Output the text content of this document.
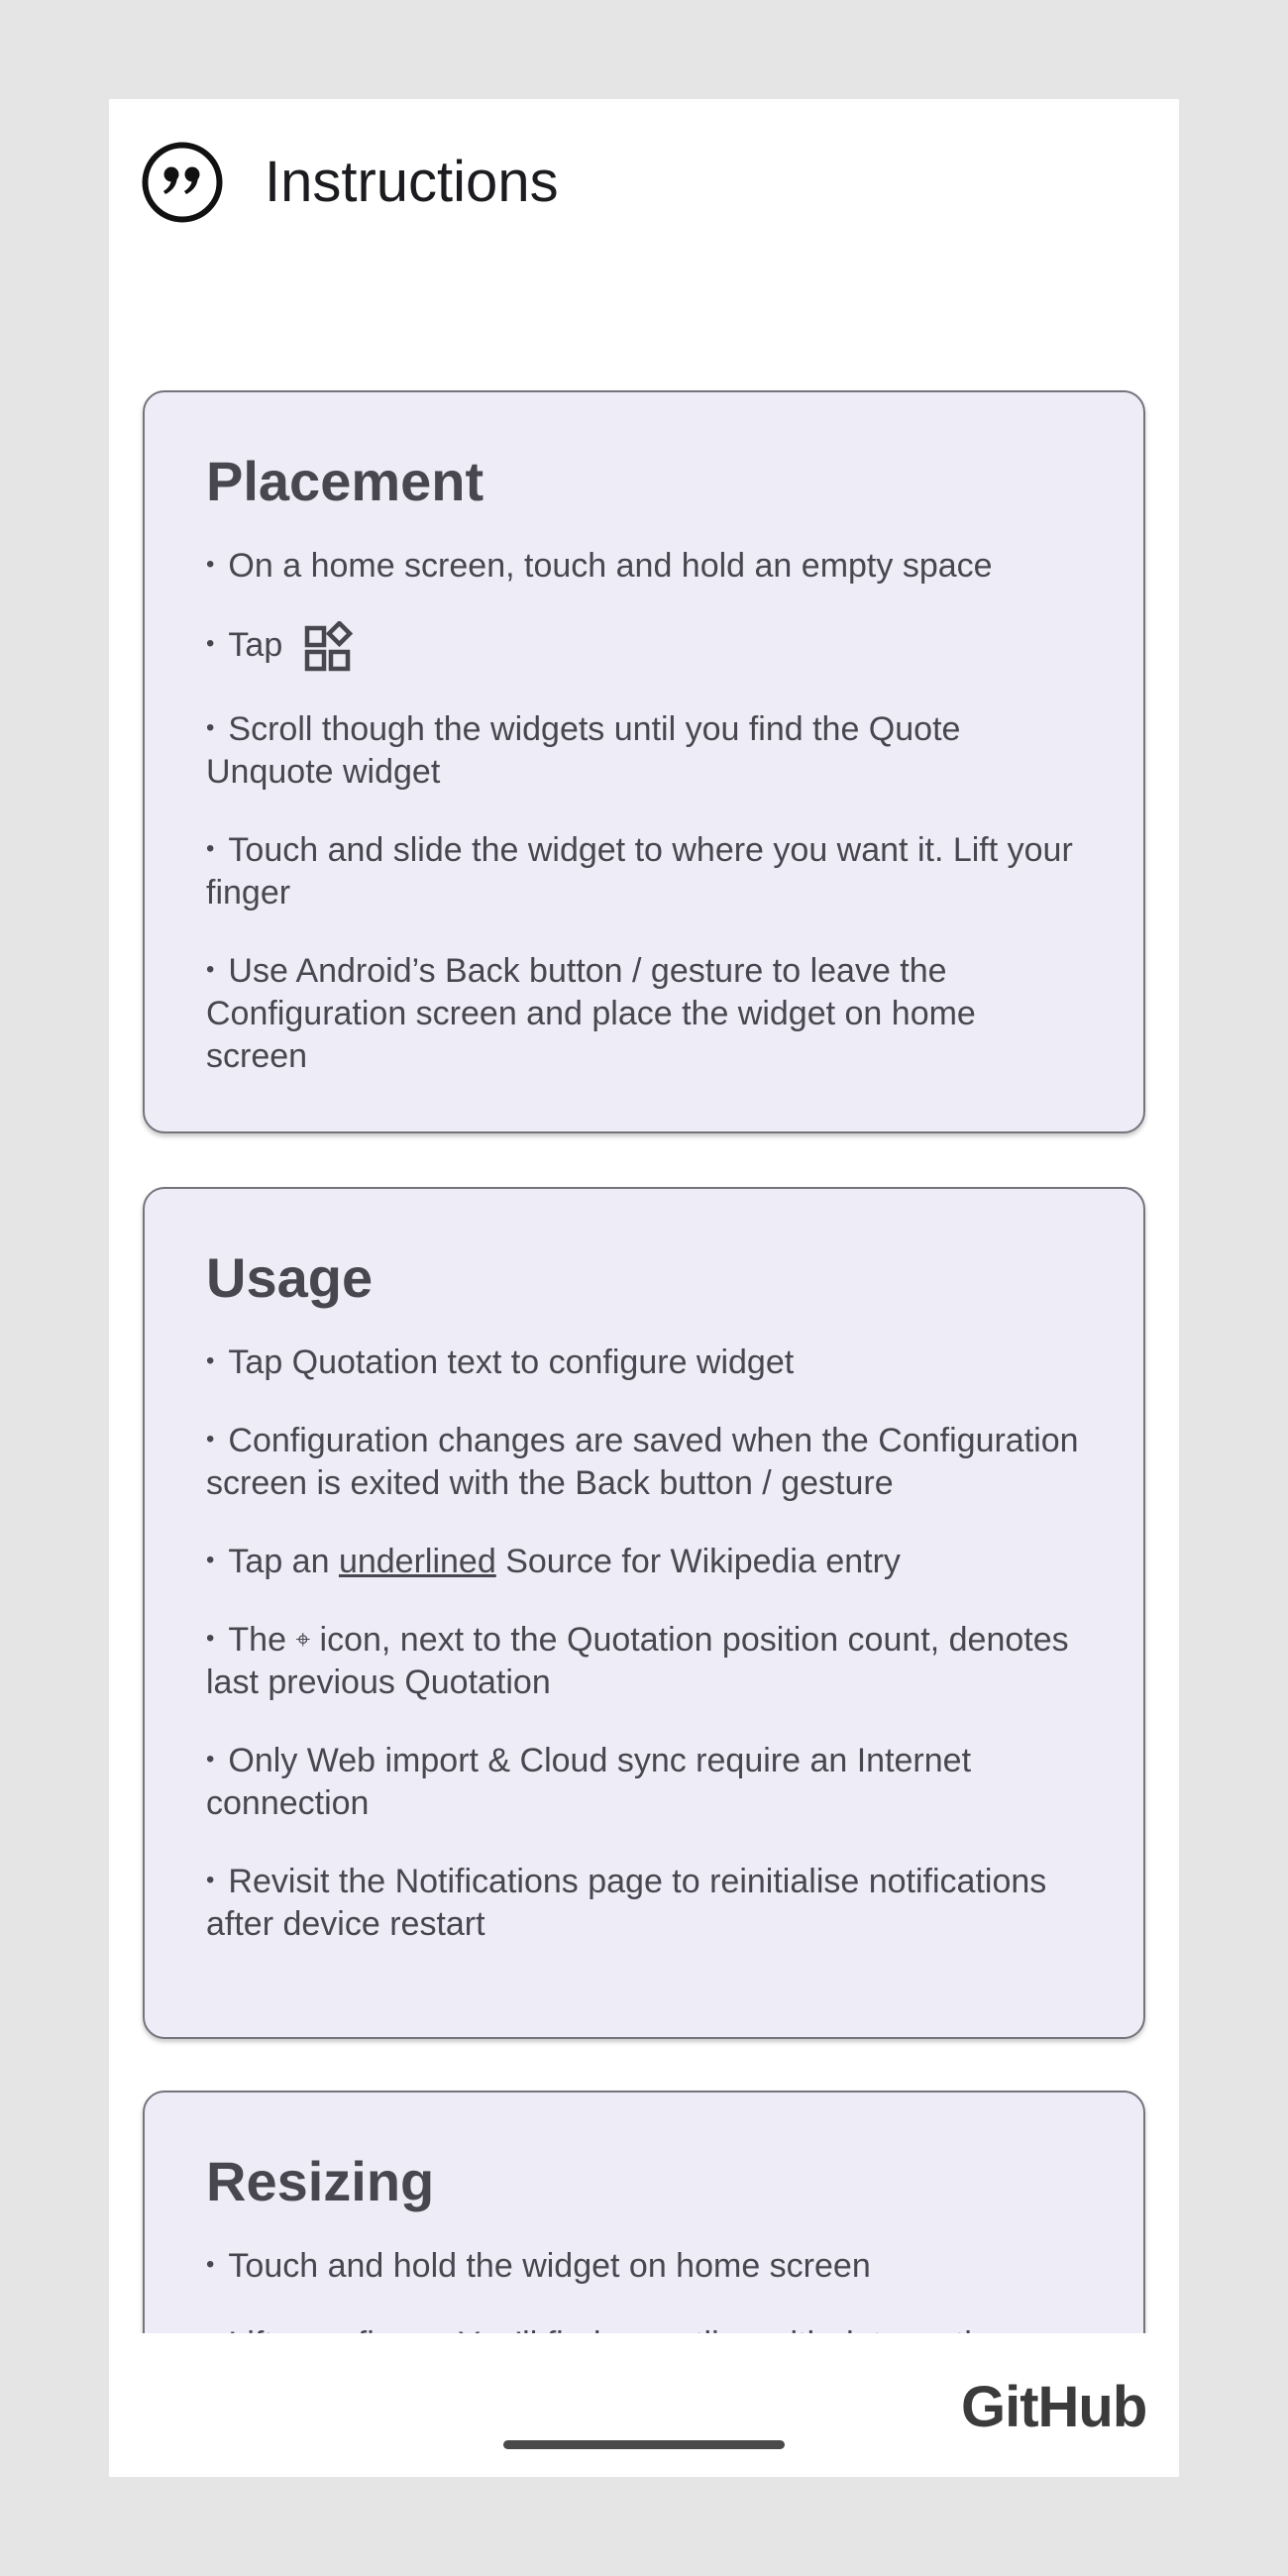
Instructions
Placement
• On a home screen, touch and hold an empty space
• Tap
• Scroll though the widgets until you find the Quote Unquote widget
• Touch and slide the widget to where you want it. Lift your finger
• Use Android’s Back button / gesture to leave the Configuration screen and place the widget on home screen
Usage
• Tap Quotation text to configure widget
• Configuration changes are saved when the Configuration screen is exited with the Back button / gesture
• Tap an underlined Source for Wikipedia entry
• The ⌖ icon, next to the Quotation position count, denotes last previous Quotation
• Only Web import & Cloud sync require an Internet connection
• Revisit the Notifications page to reinitialise notifications after device restart
Resizing
• Touch and hold the widget on home screen
GitHub
